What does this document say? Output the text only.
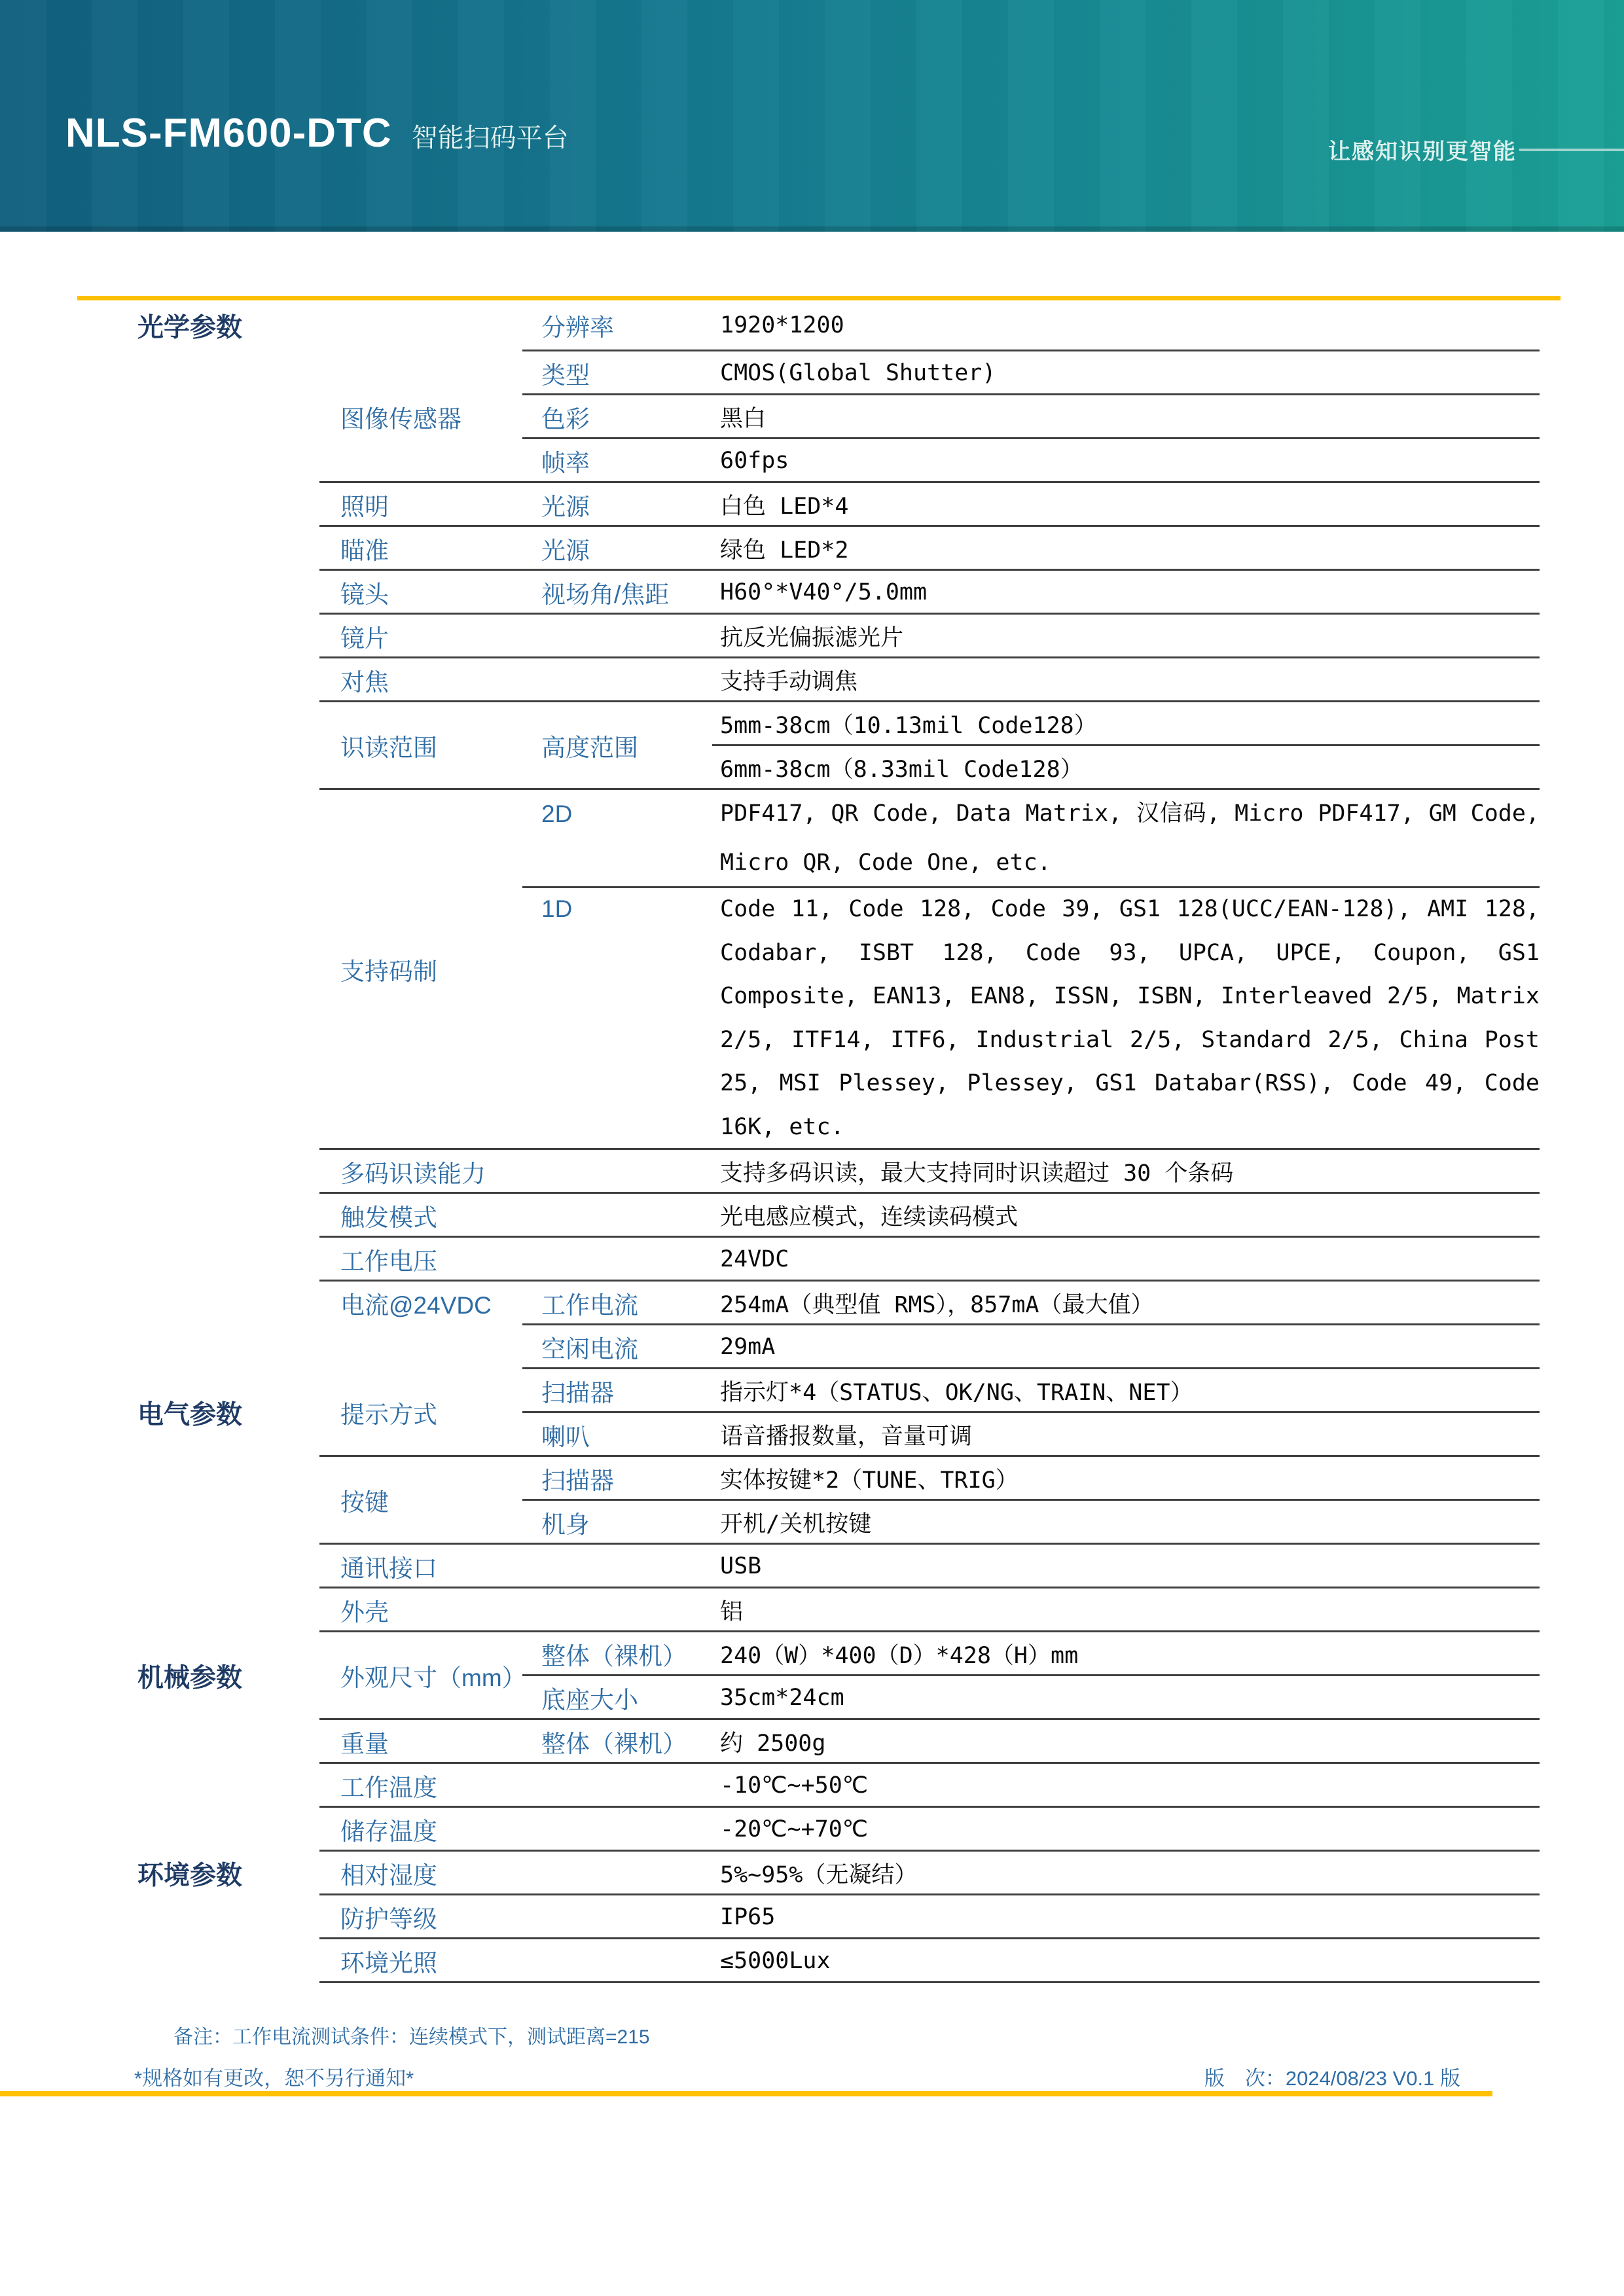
NLS-FM600-DTC 智能扫码平台	让感知识别更智能
1920*1200
CMOS(Global Shutter)
黑白
60fps
白色 LED*4
绿色 LED*2
H60°*V40°/5.0mm
抗反光偏振滤光片
支持手动调焦
5mm-38cm（10.13mil Code128）
6mm-38cm（8.33mil Code128）
PDF417, QR Code, Data Matrix, 汉信码, Micro PDF417, GM Code, Micro QR, Code One, etc.
Code 11, Code 128, Code 39, GS1 128(UCC/EAN-128), AMI 128, Codabar, ISBT 128, Code 93, UPCA, UPCE, Coupon, GS1 Composite, EAN13, EAN8, ISSN, ISBN, Interleaved 2/5, Matrix 2/5, ITF14, ITF6, Industrial 2/5, Standard 2/5, China Post 25, MSI Plessey, Plessey, GS1 Databar(RSS), Code 49, Code 16K, etc.
支持多码识读，最大支持同时识读超过 30 个条码
光电感应模式，连续读码模式
24VDC
254mA（典型值 RMS），857mA（最大值）
29mA
指示灯*4（STATUS、OK/NG、TRAIN、NET）
语音播报数量，音量可调
实体按键*2（TUNE、TRIG）
开机/关机按键
USB
铝
240（W）*400（D）*428（H）mm
35cm*24cm
约 2500g
-10℃~+50℃
-20℃~+70℃
5%~95%（无凝结）
IP65
≤5000Lux
光学参数
电气参数
机械参数
环境参数
图像传感器
照明
瞄准
镜头
镜片
对焦
识读范围
支持码制
多码识读能力
触发模式
工作电压
电流@24VDC
提示方式
按键
通讯接口
外壳
外观尺寸（mm）
重量
工作温度
储存温度
相对湿度
防护等级
环境光照
分辨率
类型
色彩
帧率
光源
光源
视场角/焦距
高度范围
2D
1D
工作电流
空闲电流
扫描器
喇叭
扫描器
机身
整体（裸机）
底座大小
整体（裸机）
备注：工作电流测试条件：连续模式下，测试距离=215
*规格如有更改，恕不另行通知*	版　次：2024/08/23 V0.1 版
